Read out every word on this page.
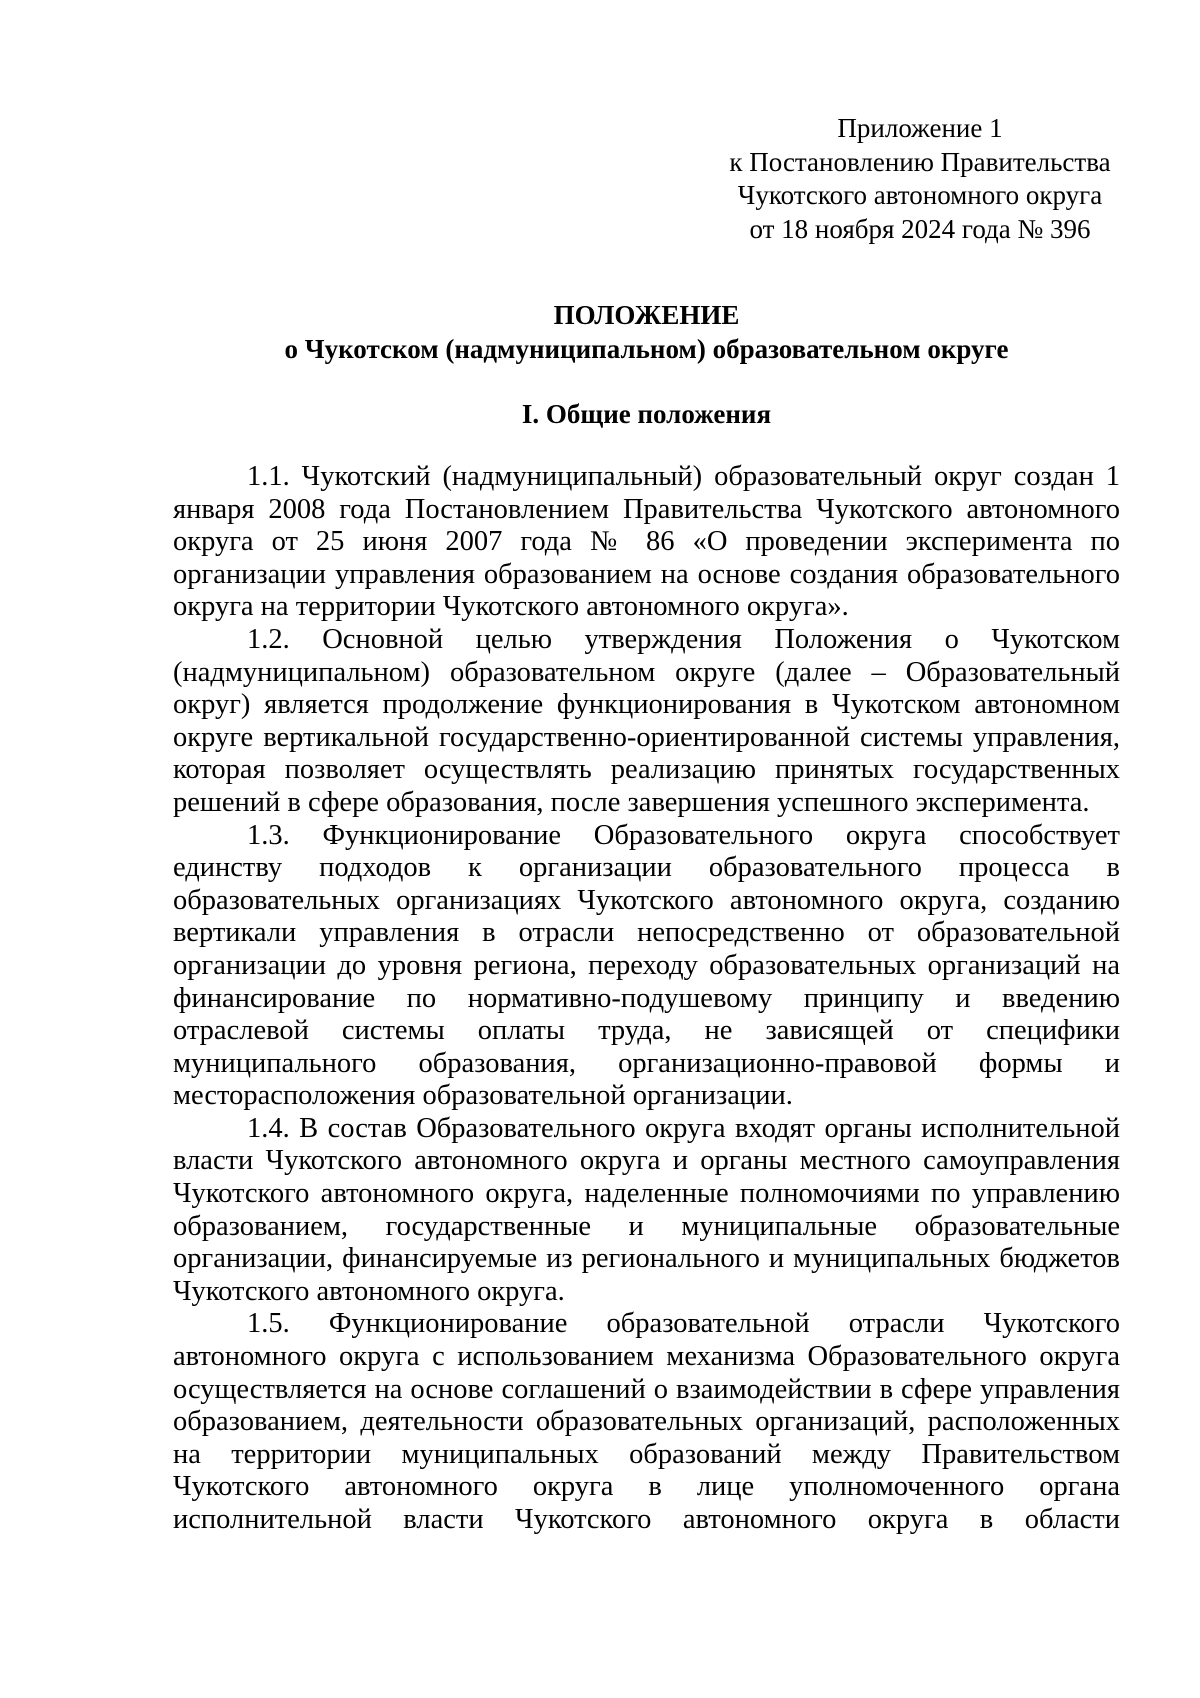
Приложение 1
к Постановлению Правительства
Чукотского автономного округа
от 18 ноября 2024 года № 396
ПОЛОЖЕНИЕ
о Чукотском (надмуниципальном) образовательном округе
I. Общие положения

1.1. Чукотский (надмуниципальный) образовательный округ создан 1 января 2008 года Постановлением Правительства Чукотского автономного округа от 25 июня 2007 года № 86 «О проведении эксперимента по организации управления образованием на основе создания образовательного округа на территории Чукотского автономного округа».

1.2. Основной целью утверждения Положения о Чукотском (надмуниципальном) образовательном округе (далее – Образовательный округ) является продолжение функционирования в Чукотском автономном округе вертикальной государственно-ориентированной системы управления, которая позволяет осуществлять реализацию принятых государственных решений в сфере образования, после завершения успешного эксперимента.

1.3. Функционирование Образовательного округа способствует единству подходов к организации образовательного процесса в образовательных организациях Чукотского автономного округа, созданию вертикали управления в отрасли непосредственно от образовательной организации до уровня региона, переходу образовательных организаций на финансирование по нормативно-подушевому принципу и введению отраслевой системы оплаты труда, не зависящей от специфики муниципального образования, организационно-правовой формы и месторасположения образовательной организации.

1.4. В состав Образовательного округа входят органы исполнительной власти Чукотского автономного округа и органы местного самоуправления Чукотского автономного округа, наделенные полномочиями по управлению образованием, государственные и муниципальные образовательные организации, финансируемые из регионального и муниципальных бюджетов Чукотского автономного округа.

1.5. Функционирование образовательной отрасли Чукотского автономного округа с использованием механизма Образовательного округа осуществляется на основе соглашений о взаимодействии в сфере управления образованием, деятельности образовательных организаций, расположенных на территории муниципальных образований между Правительством Чукотского автономного округа в лице уполномоченного органа исполнительной власти Чукотского автономного округа в области
